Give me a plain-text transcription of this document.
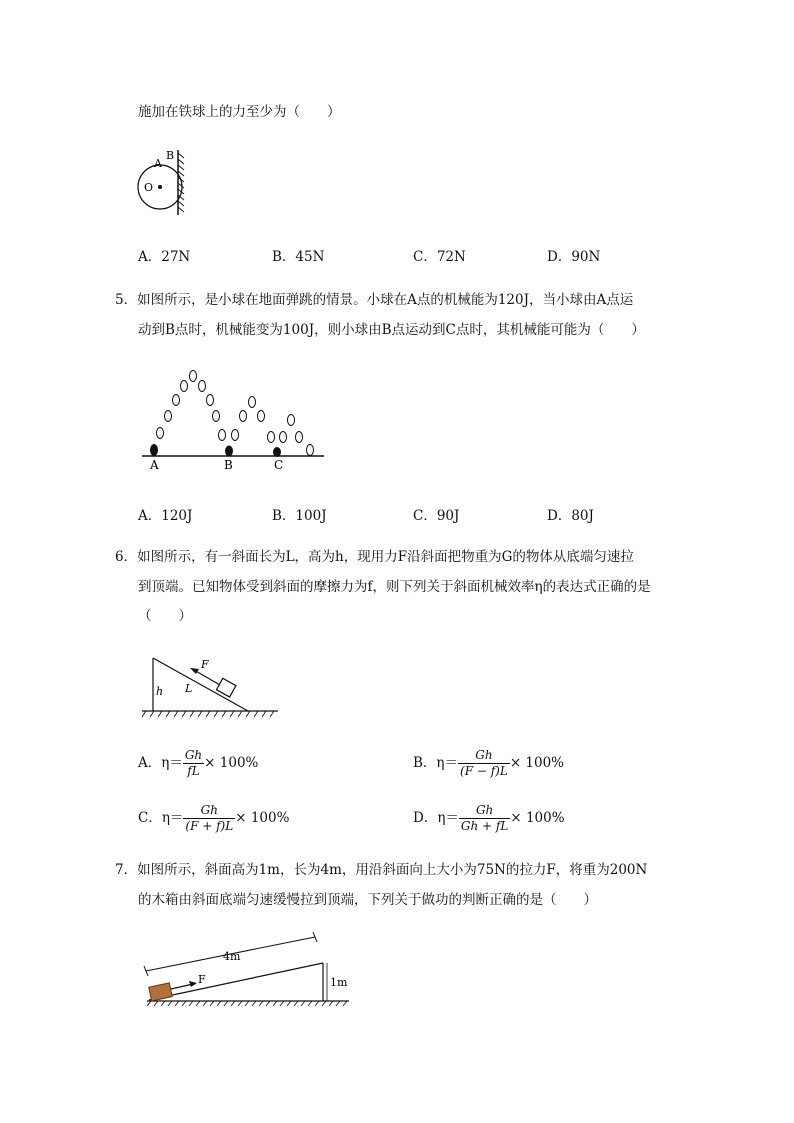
施加在铁球上的力至少为（　　）
A
B
O
A．27N	B．45N	C．72N	D．90N
5．如图所示，是小球在地面弹跳的情景。小球在A点的机械能为120J，当小球由A点运
动到B点时，机械能变为100J，则小球由B点运动到C点时，其机械能可能为（　　）
A	B	C
A．120J	B．100J	C．90J	D．80J
6．如图所示，有一斜面长为L，高为h，现用力F沿斜面把物重为G的物体从底端匀速拉
到顶端。已知物体受到斜面的摩擦力为f，则下列关于斜面机械效率η的表达式正确的是
（　　）
F
L
h
A．$\eta= \frac{Gh}{fL} \times 100\%$	B．$\eta= \frac{Gh}{(F - f)L} \times 100\%$
C．$\eta= \frac{Gh}{(F + f)L} \times 100\%$	D．$\eta= \frac{Gh}{Gh + fL} \times 100\%$
7．如图所示，斜面高为1m，长为4m，用沿斜面向上大小为75N的拉力F，将重为200N
的木箱由斜面底端匀速缓慢拉到顶端，下列关于做功的判断正确的是（　　）
4m
F	1m
